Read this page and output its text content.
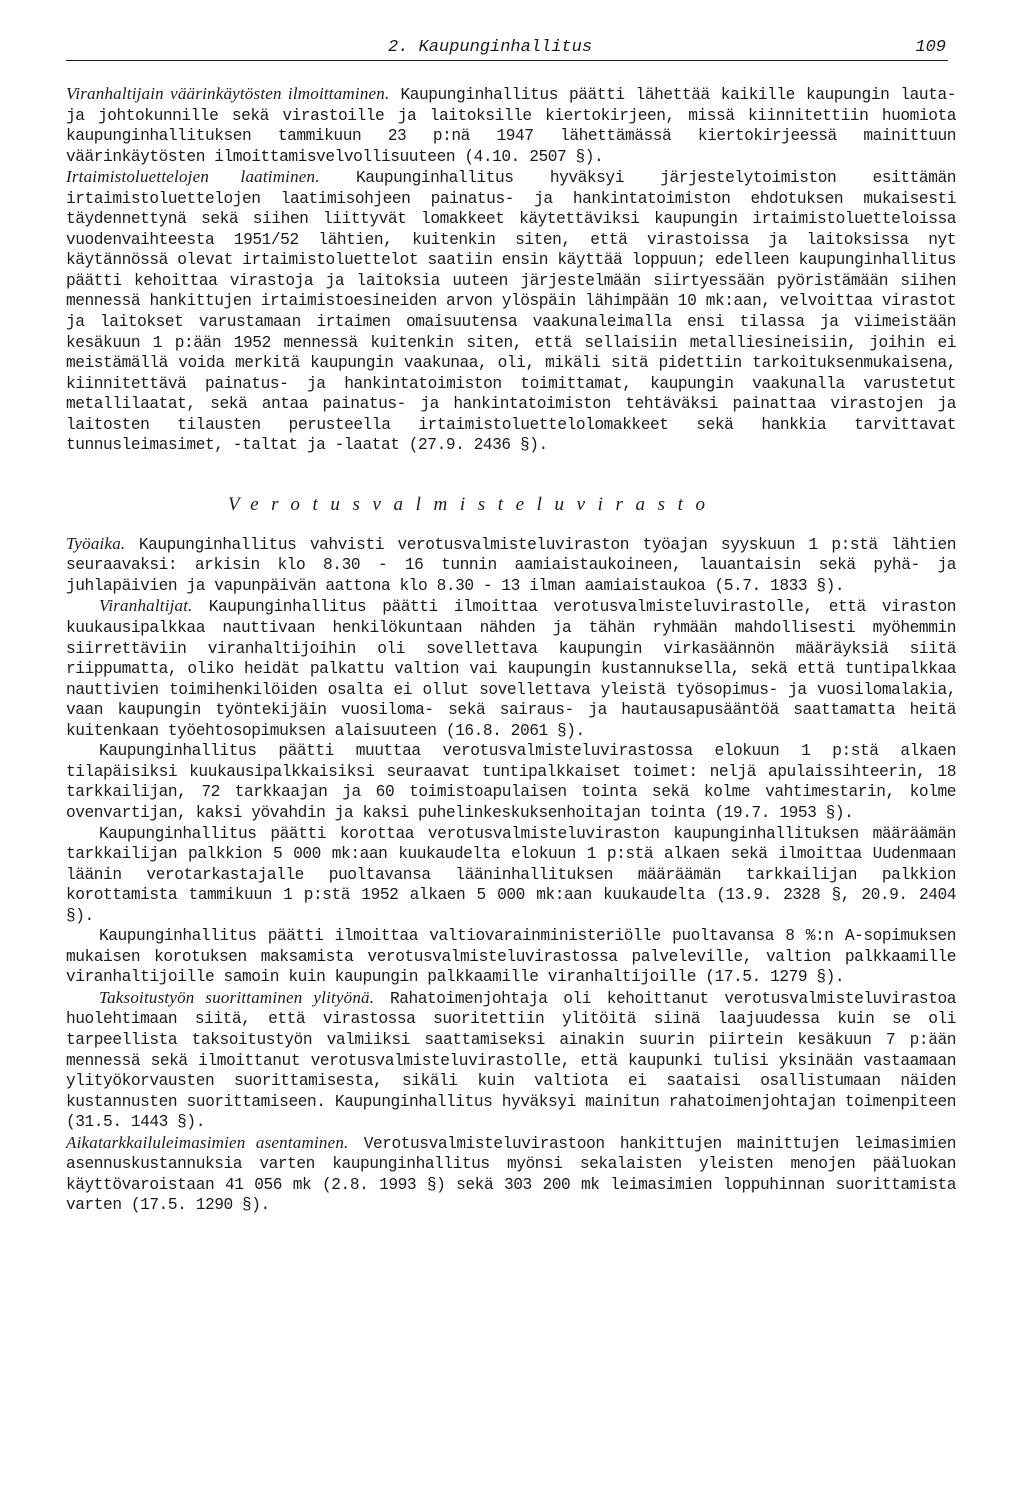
2. Kaupunginhallitus	109

Viranhaltijain väärinkäytösten ilmoittaminen. Kaupunginhallitus päätti lähettää kaikille kaupungin lauta- ja johtokunnille sekä virastoille ja laitoksille kiertokirjeen, missä kiinnitettiin huomiota kaupunginhallituksen tammikuun 23 p:nä 1947 lähettämässä kiertokirjeessä mainittuun väärinkäytösten ilmoittamisvelvollisuuteen (4.10. 2507 §).

Irtaimistoluettelojen laatiminen. Kaupunginhallitus hyväksyi järjestelytoimiston esittämän irtaimistoluettelojen laatimisohjeen painatus- ja hankintatoimiston ehdotuksen mukaisesti täydennettynä sekä siihen liittyvät lomakkeet käytettäviksi kaupungin irtaimistoluetteloissa vuodenvaihteesta 1951/52 lähtien, kuitenkin siten, että virastoissa ja laitoksissa nyt käytännössä olevat irtaimistoluettelot saatiin ensin käyttää loppuun; edelleen kaupunginhallitus päätti kehoittaa virastoja ja laitoksia uuteen järjestelmään siirtyessään pyöristämään siihen mennessä hankittujen irtaimistoesineiden arvon ylöspäin lähimpään 10 mk:aan, velvoittaa virastot ja laitokset varustamaan irtaimen omaisuutensa vaakunaleimalla ensi tilassa ja viimeistään kesäkuun 1 p:ään 1952 mennessä kuitenkin siten, että sellaisiin metalliesineisiin, joihin ei meistämällä voida merkitä kaupungin vaakunaa, oli, mikäli sitä pidettiin tarkoituksenmukaisena, kiinnitettävä painatus- ja hankintatoimiston toimittamat, kaupungin vaakunalla varustetut metallilaatat, sekä antaa painatus- ja hankintatoimiston tehtäväksi painattaa virastojen ja laitosten tilausten perusteella irtaimistoluettelolomakkeet sekä hankkia tarvittavat tunnusleimasimet, -taltat ja -laatat (27.9. 2436 §).

Verotusvalmisteluvirasto

Työaika. Kaupunginhallitus vahvisti verotusvalmisteluviraston työajan syyskuun 1 p:stä lähtien seuraavaksi: arkisin klo 8.30 - 16 tunnin aamiaistaukoineen, lauantaisin sekä pyhä- ja juhlapäivien ja vapunpäivän aattona klo 8.30 - 13 ilman aamiaistaukoa (5.7. 1833 §).

Viranhaltijat. Kaupunginhallitus päätti ilmoittaa verotusvalmisteluvirastolle, että viraston kuukausipalkkaa nauttivaan henkilökuntaan nähden ja tähän ryhmään mahdollisesti myöhemmin siirrettäviin viranhaltijoihin oli sovellettava kaupungin virkasäännön määräyksiä siitä riippumatta, oliko heidät palkattu valtion vai kaupungin kustannuksella, sekä että tuntipalkkaa nauttivien toimihenkilöiden osalta ei ollut sovellettava yleistä työsopimus- ja vuosilomalakia, vaan kaupungin työntekijäin vuosiloma- sekä sairaus- ja hautausapusääntöä saattamatta heitä kuitenkaan työehtosopimuksen alaisuuteen (16.8. 2061 §).

Kaupunginhallitus päätti muuttaa verotusvalmisteluvirastossa elokuun 1 p:stä alkaen tilapäisiksi kuukausipalkkaisiksi seuraavat tuntipalkkaiset toimet: neljä apulaissihteerin, 18 tarkkailijan, 72 tarkkaajan ja 60 toimistoapulaisen tointa sekä kolme vahtimestarin, kolme ovenvartijan, kaksi yövahdin ja kaksi puhelinkeskuksenhoitajan tointa (19.7. 1953 §).

Kaupunginhallitus päätti korottaa verotusvalmisteluviraston kaupunginhallituksen määräämän tarkkailijan palkkion 5 000 mk:aan kuukaudelta elokuun 1 p:stä alkaen sekä ilmoittaa Uudenmaan läänin verotarkastajalle puoltavansa lääninhallituksen määräämän tarkkailijan palkkion korottamista tammikuun 1 p:stä 1952 alkaen 5 000 mk:aan kuukaudelta (13.9. 2328 §, 20.9. 2404 §).

Kaupunginhallitus päätti ilmoittaa valtiovarainministeriölle puoltavansa 8 %:n A-sopimuksen mukaisen korotuksen maksamista verotusvalmisteluvirastossa palveleville, valtion palkkaamille viranhaltijoille samoin kuin kaupungin palkkaamille viranhaltijoille (17.5. 1279 §).

Taksoitustyön suorittaminen ylityönä. Rahatoimenjohtaja oli kehoittanut verotusvalmisteluvirastoa huolehtimaan siitä, että virastossa suoritettiin ylitöitä siinä laajuudessa kuin se oli tarpeellista taksoitustyön valmiiksi saattamiseksi ainakin suurin piirtein kesäkuun 7 p:ään mennessä sekä ilmoittanut verotusvalmisteluvirastolle, että kaupunki tulisi yksinään vastaamaan ylityökorvausten suorittamisesta, sikäli kuin valtiota ei saataisi osallistumaan näiden kustannusten suorittamiseen. Kaupunginhallitus hyväksyi mainitun rahatoimenjohtajan toimenpiteen (31.5. 1443 §).

Aikatarkkailuleimasimien asentaminen. Verotusvalmisteluvirastoon hankittujen mainittujen leimasimien asennuskustannuksia varten kaupunginhallitus myönsi sekalaisten yleisten menojen pääluokan käyttövaroistaan 41 056 mk (2.8. 1993 §) sekä 303 200 mk leimasimien loppuhinnan suorittamista varten (17.5. 1290 §).
